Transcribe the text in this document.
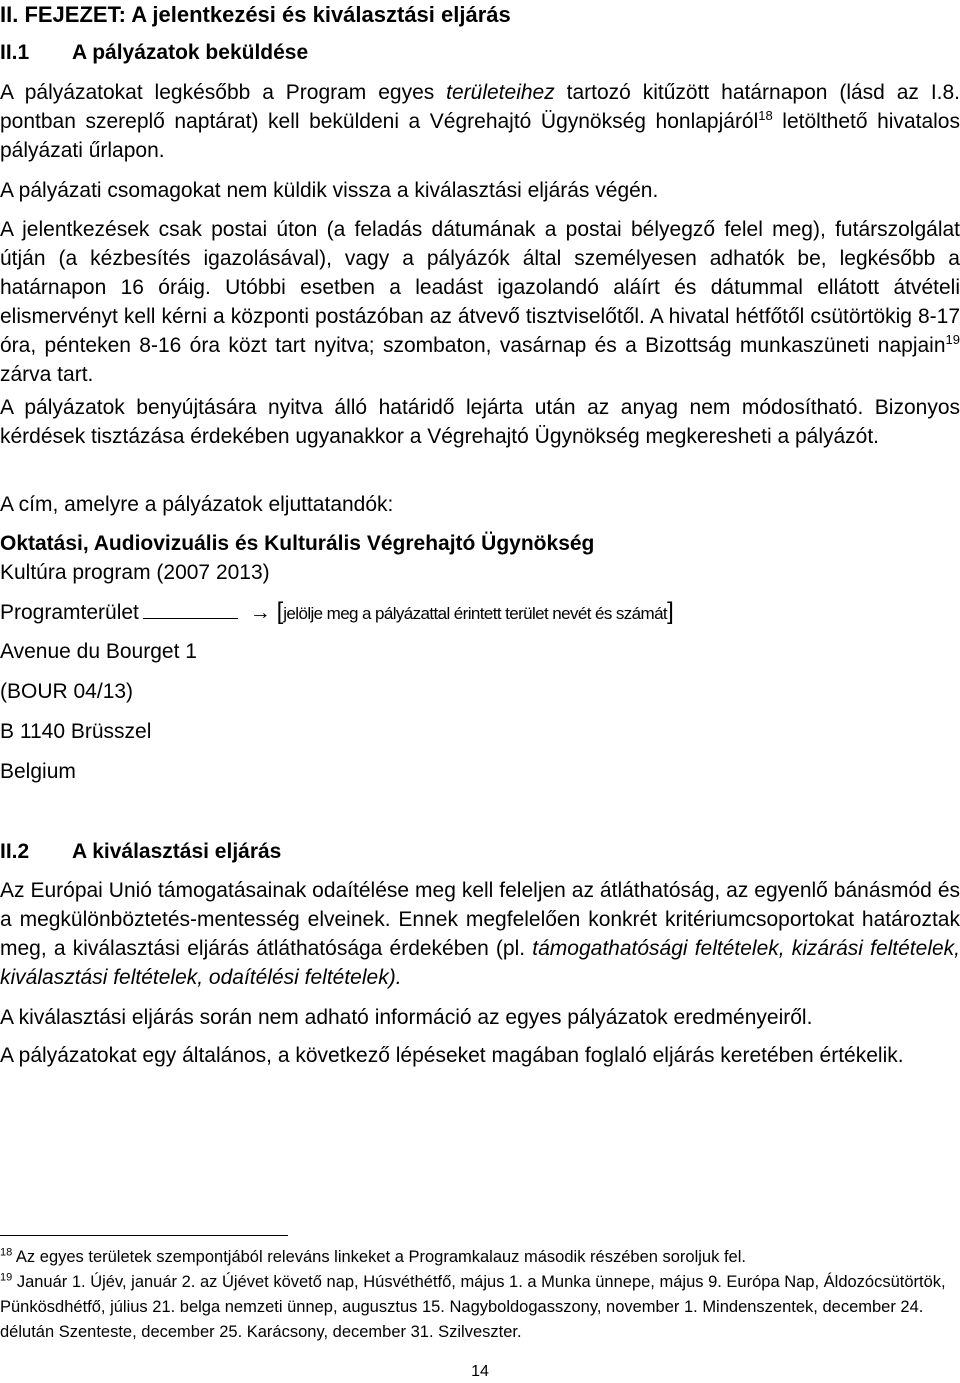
II. FEJEZET: A jelentkezési és kiválasztási eljárás

II.1 A pályázatok beküldése

A pályázatokat legkésőbb a Program egyes területeihez tartozó kitűzött határnapon (lásd az I.8. pontban szereplő naptárat) kell beküldeni a Végrehajtó Ügynökség honlapjáról$^{18}$ letölthető hivatalos pályázati űrlapon.

A pályázati csomagokat nem küldik vissza a kiválasztási eljárás végén.

A jelentkezések csak postai úton (a feladás dátumának a postai bélyegző felel meg), futárszolgálat útján (a kézbesítés igazolásával), vagy a pályázók által személyesen adhatók be, legkésőbb a határnapon 16 óráig. Utóbbi esetben a leadást igazolandó aláírt és dátummal ellátott átvételi elismervényt kell kérni a központi postázóban az átvevő tisztviselőtől. A hivatal hétfőtől csütörtökig 8-17 óra, pénteken 8-16 óra közt tart nyitva; szombaton, vasárnap és a Bizottság munkaszüneti napjain$^{19}$ zárva tart.

A pályázatok benyújtására nyitva álló határidő lejárta után az anyag nem módosítható. Bizonyos kérdések tisztázása érdekében ugyanakkor a Végrehajtó Ügynökség megkeresheti a pályázót.

A cím, amelyre a pályázatok eljuttatandók:

Oktatási, Audiovizuális és Kulturális Végrehajtó Ügynökség

Kultúra program (2007 2013)

Programterület	→ [jelölje meg a pályázattal érintett terület nevét és számát]

Avenue du Bourget 1

(BOUR 04/13)

B 1140 Brüsszel

Belgium

II.2 A kiválasztási eljárás

Az Európai Unió támogatásainak odaítélése meg kell feleljen az átláthatóság, az egyenlő bánásmód és a megkülönböztetés-mentesség elveinek. Ennek megfelelően konkrét kritériumcsoportokat határoztak meg, a kiválasztási eljárás átláthatósága érdekében (pl. támogathatósági feltételek, kizárási feltételek, kiválasztási feltételek, odaítélési feltételek).

A kiválasztási eljárás során nem adható információ az egyes pályázatok eredményeiről.

A pályázatokat egy általános, a következő lépéseket magában foglaló eljárás keretében értékelik.

$^{18}$ Az egyes területek szempontjából releváns linkeket a Programkalauz második részében soroljuk fel.

$^{19}$ Január 1. Újév, január 2. az Újévet követő nap, Húsvéthétfő, május 1. a Munka ünnepe, május 9. Európa Nap, Áldozócsütörtök, Pünkösdhétfő, július 21. belga nemzeti ünnep, augusztus 15. Nagyboldogasszony, november 1. Mindenszentek, december 24. délután Szenteste, december 25. Karácsony, december 31. Szilveszter.

14
